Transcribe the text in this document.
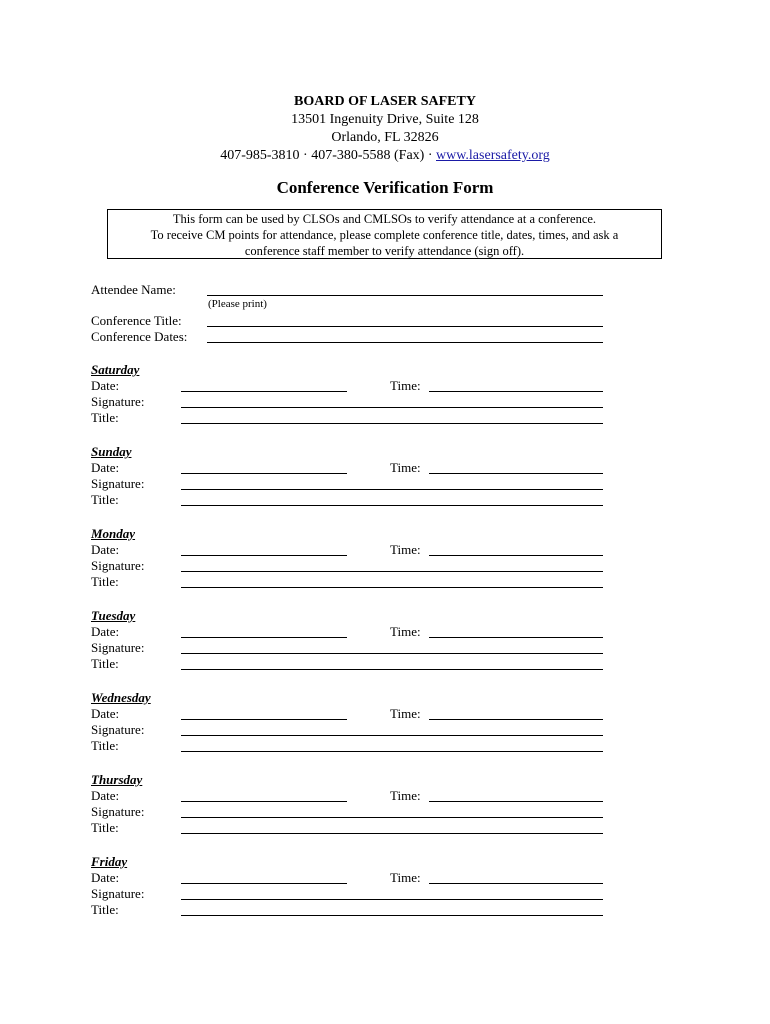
BOARD OF LASER SAFETY
13501 Ingenuity Drive, Suite 128
Orlando, FL 32826
407-985-3810 · 407-380-5588 (Fax) · www.lasersafety.org
Conference Verification Form
This form can be used by CLSOs and CMLSOs to verify attendance at a conference.
To receive CM points for attendance, please complete conference title, dates, times, and ask a
conference staff member to verify attendance (sign off).
Attendee Name:
(Please print)
Conference Title:
Conference Dates:
Saturday
Date:	Time:
Signature:
Title:
Sunday
Date:	Time:
Signature:
Title:
Monday
Date:	Time:
Signature:
Title:
Tuesday
Date:	Time:
Signature:
Title:
Wednesday
Date:	Time:
Signature:
Title:
Thursday
Date:	Time:
Signature:
Title:
Friday
Date:	Time:
Signature:
Title:
